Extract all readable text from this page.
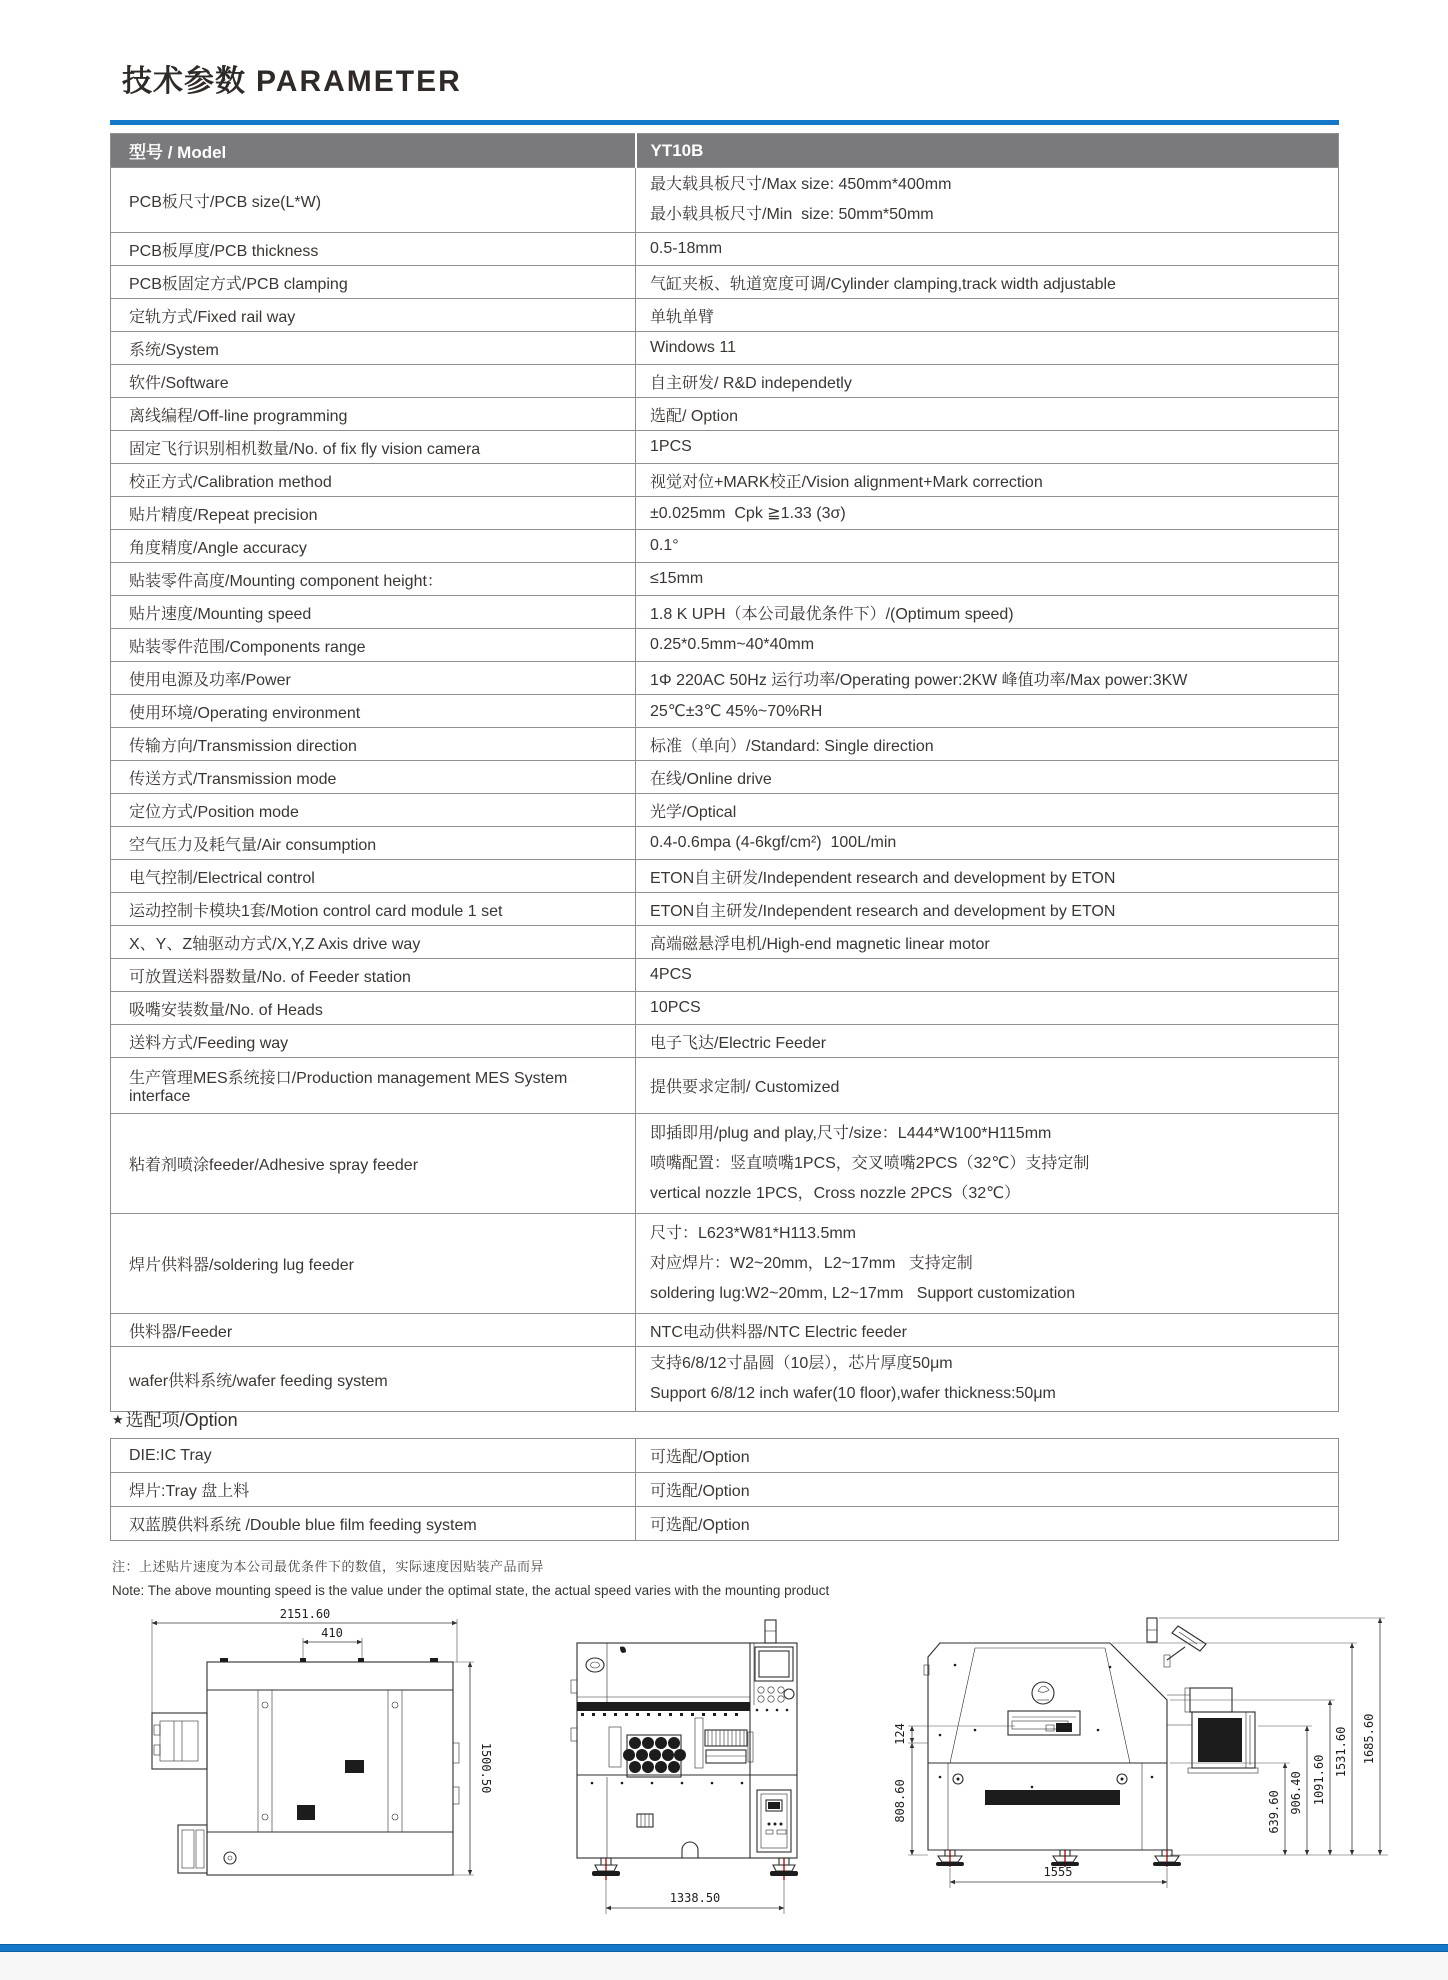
技术参数 PARAMETER
型号 / Model	YT10B
PCB板尺寸/PCB size(L*W)	最大载具板尺寸/Max size: 450mm*400mm
最小载具板尺寸/Min  size: 50mm*50mm

PCB板厚度/PCB thickness	0.5-18mm
PCB板固定方式/PCB clamping	气缸夹板、轨道宽度可调/Cylinder clamping,track width adjustable
定轨方式/Fixed rail way	单轨单臂
系统/System	Windows 11
软件/Software	自主研发/ R&D independetly
离线编程/Off-line programming	选配/ Option
固定飞行识别相机数量/No. of fix fly vision camera	1PCS
校正方式/Calibration method	视觉对位+MARK校正/Vision alignment+Mark correction
贴片精度/Repeat precision	±0.025mm  Cpk ≧1.33 (3σ)
角度精度/Angle accuracy	0.1°
贴装零件高度/Mounting component height：	≤15mm
贴片速度/Mounting speed	1.8 K UPH（本公司最优条件下）/(Optimum speed)
贴装零件范围/Components range	0.25*0.5mm~40*40mm
使用电源及功率/Power	1Φ 220AC 50Hz 运行功率/Operating power:2KW 峰值功率/Max power:3KW
使用环境/Operating environment	25℃±3℃ 45%~70%RH
传输方向/Transmission direction	标准（单向）/Standard: Single direction
传送方式/Transmission mode	在线/Online drive
定位方式/Position mode	光学/Optical
空气压力及耗气量/Air consumption	0.4-0.6mpa (4-6kgf/cm²)  100L/min
电气控制/Electrical control	ETON自主研发/Independent research and development by ETON
运动控制卡模块1套/Motion control card module 1 set	ETON自主研发/Independent research and development by ETON
X、Y、Z轴驱动方式/X,Y,Z Axis drive way	高端磁悬浮电机/High-end magnetic linear motor
可放置送料器数量/No. of Feeder station	4PCS
吸嘴安装数量/No. of Heads	10PCS
送料方式/Feeding way	电子飞达/Electric Feeder
生产管理MES系统接口/Production management MES System interface	提供要求定制/ Customized
粘着剂喷涂feeder/Adhesive spray feeder	即插即用/plug and play,尺寸/size：L444*W100*H115mm
喷嘴配置：竖直喷嘴1PCS，交叉喷嘴2PCS（32℃）支持定制
vertical nozzle 1PCS，Cross nozzle 2PCS（32℃）

焊片供料器/soldering lug feeder	尺寸：L623*W81*H113.5mm
对应焊片：W2~20mm，L2~17mm   支持定制
soldering lug:W2~20mm, L2~17mm   Support customization

供料器/Feeder	NTC电动供料器/NTC Electric feeder
wafer供料系统/wafer feeding system	支持6/8/12寸晶圆（10层），芯片厚度50μm
Support 6/8/12 inch wafer(10 floor),wafer thickness:50μm
★ 选配项/Option
DIE:IC Tray	可选配/Option
焊片:Tray 盘上料	可选配/Option
双蓝膜供料系统 /Double blue film feeding system	可选配/Option
注：上述贴片速度为本公司最优条件下的数值，实际速度因贴装产品而异
Note: The above mounting speed is the value under the optimal state, the actual speed varies with the mounting product
2151.60
410
1500.50
1338.50
124
808.60
1555
639.60 906.40 1091.60
1531.60 1685.60
